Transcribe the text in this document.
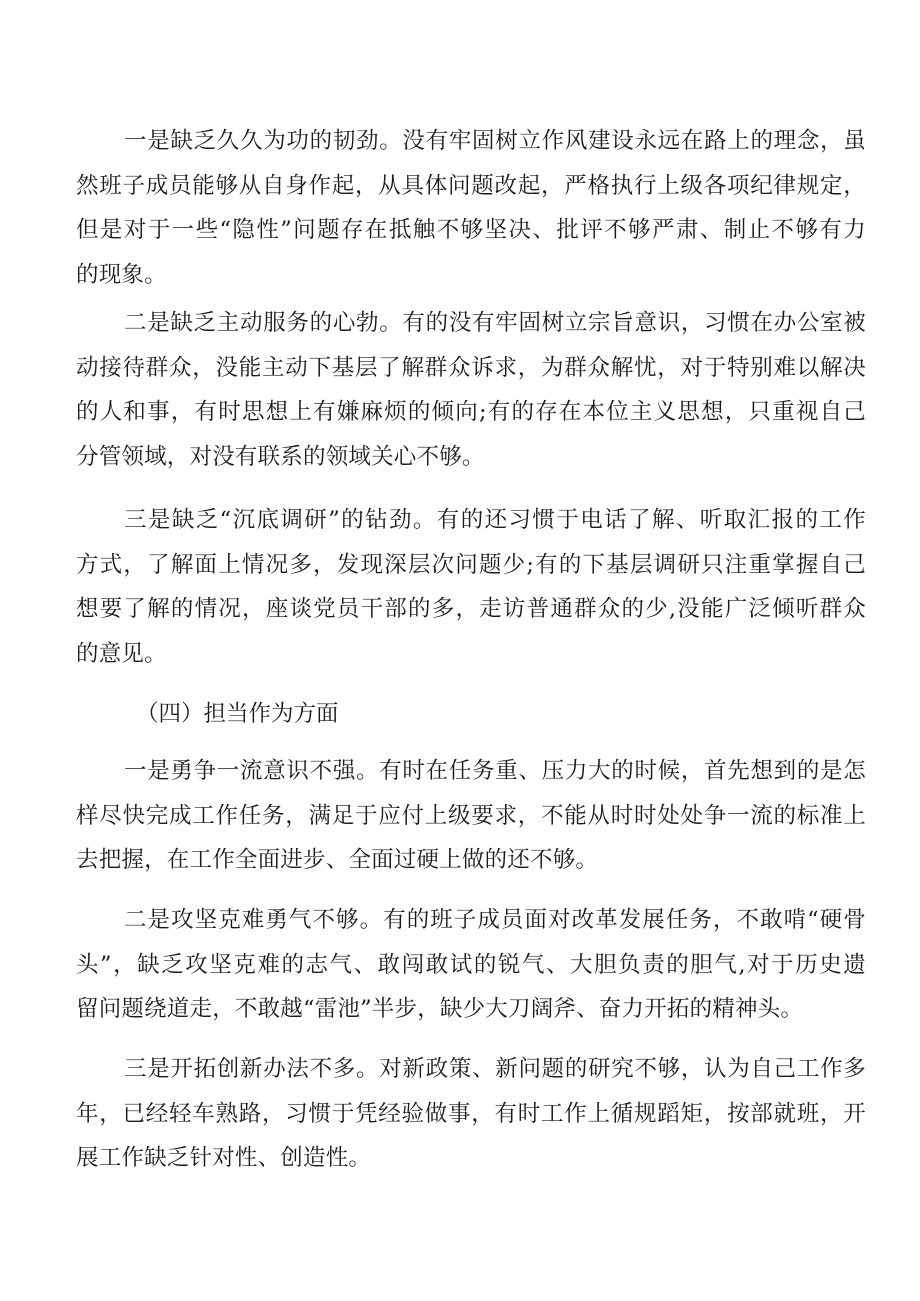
一是缺乏久久为功的韧劲。没有牢固树立作风建设永远在路上的理念，虽
然班子成员能够从自身作起，从具体问题改起，严格执行上级各项纪律规定，
但是对于一些“隐性”问题存在抵触不够坚决、批评不够严肃、制止不够有力
的现象。
二是缺乏主动服务的心勃。有的没有牢固树立宗旨意识，习惯在办公室被
动接待群众，没能主动下基层了解群众诉求，为群众解忧，对于特别难以解决
的人和事，有时思想上有嫌麻烦的倾向;有的存在本位主义思想，只重视自己
分管领域，对没有联系的领域关心不够。
三是缺乏“沉底调研”的钻劲。有的还习惯于电话了解、听取汇报的工作
方式，了解面上情况多，发现深层次问题少;有的下基层调研只注重掌握自己
想要了解的情况，座谈党员干部的多，走访普通群众的少,没能广泛倾听群众
的意见。
（四）担当作为方面
一是勇争一流意识不强。有时在任务重、压力大的时候，首先想到的是怎
样尽快完成工作任务，满足于应付上级要求，不能从时时处处争一流的标准上
去把握，在工作全面进步、全面过硬上做的还不够。
二是攻坚克难勇气不够。有的班子成员面对改革发展任务，不敢啃“硬骨
头”，缺乏攻坚克难的志气、敢闯敢试的锐气、大胆负责的胆气,对于历史遗
留问题绕道走，不敢越“雷池”半步，缺少大刀阔斧、奋力开拓的精神头。
三是开拓创新办法不多。对新政策、新问题的研究不够，认为自己工作多
年，已经轻车熟路，习惯于凭经验做事，有时工作上循规蹈矩，按部就班，开
展工作缺乏针对性、创造性。
